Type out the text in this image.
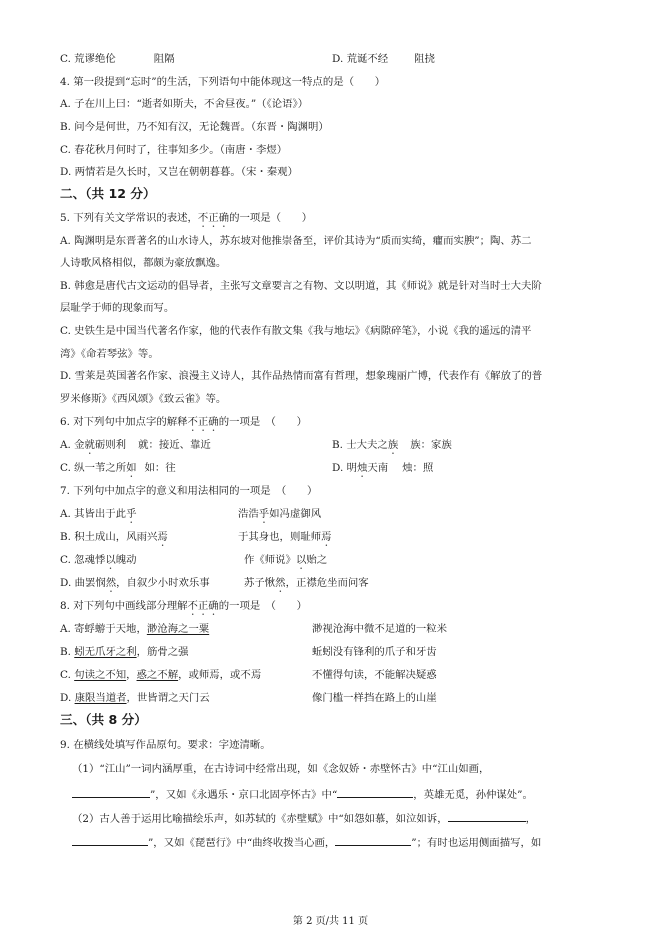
C. 荒谬绝伦	阻隔	D. 荒诞不经	阻挠
4. 第一段提到“忘时”的生活，下列语句中能体现这一特点的是（　　）
A. 子在川上曰：“逝者如斯夫，不舍昼夜。”（《论语》）
B. 问今是何世，乃不知有汉，无论魏晋。（东晋・陶渊明）
C. 春花秋月何时了，往事知多少。（南唐・李煜）
D. 两情若是久长时，又岂在朝朝暮暮。（宋・秦观）
二、（共 12 分）
5. 下列有关文学常识的表述，不正确的一项是（　　）
A. 陶渊明是东晋著名的山水诗人，苏东坡对他推崇备至，评价其诗为“质而实绮，癯而实腴”；陶、苏二
人诗歌风格相似，都颇为豪放飘逸。
B. 韩愈是唐代古文运动的倡导者，主张写文章要言之有物、文以明道，其《师说》就是针对当时士大夫阶
层耻学于师的现象而写。
C. 史铁生是中国当代著名作家，他的代表作有散文集《我与地坛》《病隙碎笔》，小说《我的遥远的清平
湾》《命若琴弦》等。
D. 雪莱是英国著名作家、浪漫主义诗人，其作品热情而富有哲理，想象瑰丽广博，代表作有《解放了的普
罗米修斯》《西风颂》《致云雀》等。
6. 对下列句中加点字的解释不正确的一项是　（　　）
A. 金就砺则利 就：接近、靠近	B. 士大夫之族 族：家族
C. 纵一苇之所如 如：往	D. 明烛天南 烛：照
7. 下列句中加点字的意义和用法相同的一项是　（　　）
A. 其皆出于此乎	浩浩乎如冯虚御风
B. 积土成山，风雨兴焉	于其身也，则耻师焉
C. 忽魂悸以魄动	作《师说》以贻之
D. 曲罢悯然，自叙少小时欢乐事	苏子愀然，正襟危坐而问客
8. 对下列句中画线部分理解不正确的一项是　（　　）
A. 寄蜉蝣于天地，渺沧海之一粟	渺视沧海中微不足道的一粒米
B. 蚓无爪牙之利，筋骨之强	蚯蚓没有锋利的爪子和牙齿
C. 句读之不知，惑之不解，或师焉，或不焉	不懂得句读，不能解决疑惑
D. 康限当道者，世皆谓之天门云	像门槛一样挡在路上的山崖
三、（共 8 分）
9. 在横线处填写作品原句。要求：字迹清晰。
（1）“江山”一词内涵厚重，在古诗词中经常出现，如《念奴娇・赤壁怀古》中“江山如画，
”，又如《永遇乐・京口北固亭怀古》中“	，英雄无觅，孙仲谋处”。
（2）古人善于运用比喻描绘乐声，如苏轼的《赤壁赋》中“如怨如慕，如泣如诉，	，
”，又如《琵琶行》中“曲终收拨当心画，	”；有时也运用侧面描写，如
第 2 页/共 11 页
